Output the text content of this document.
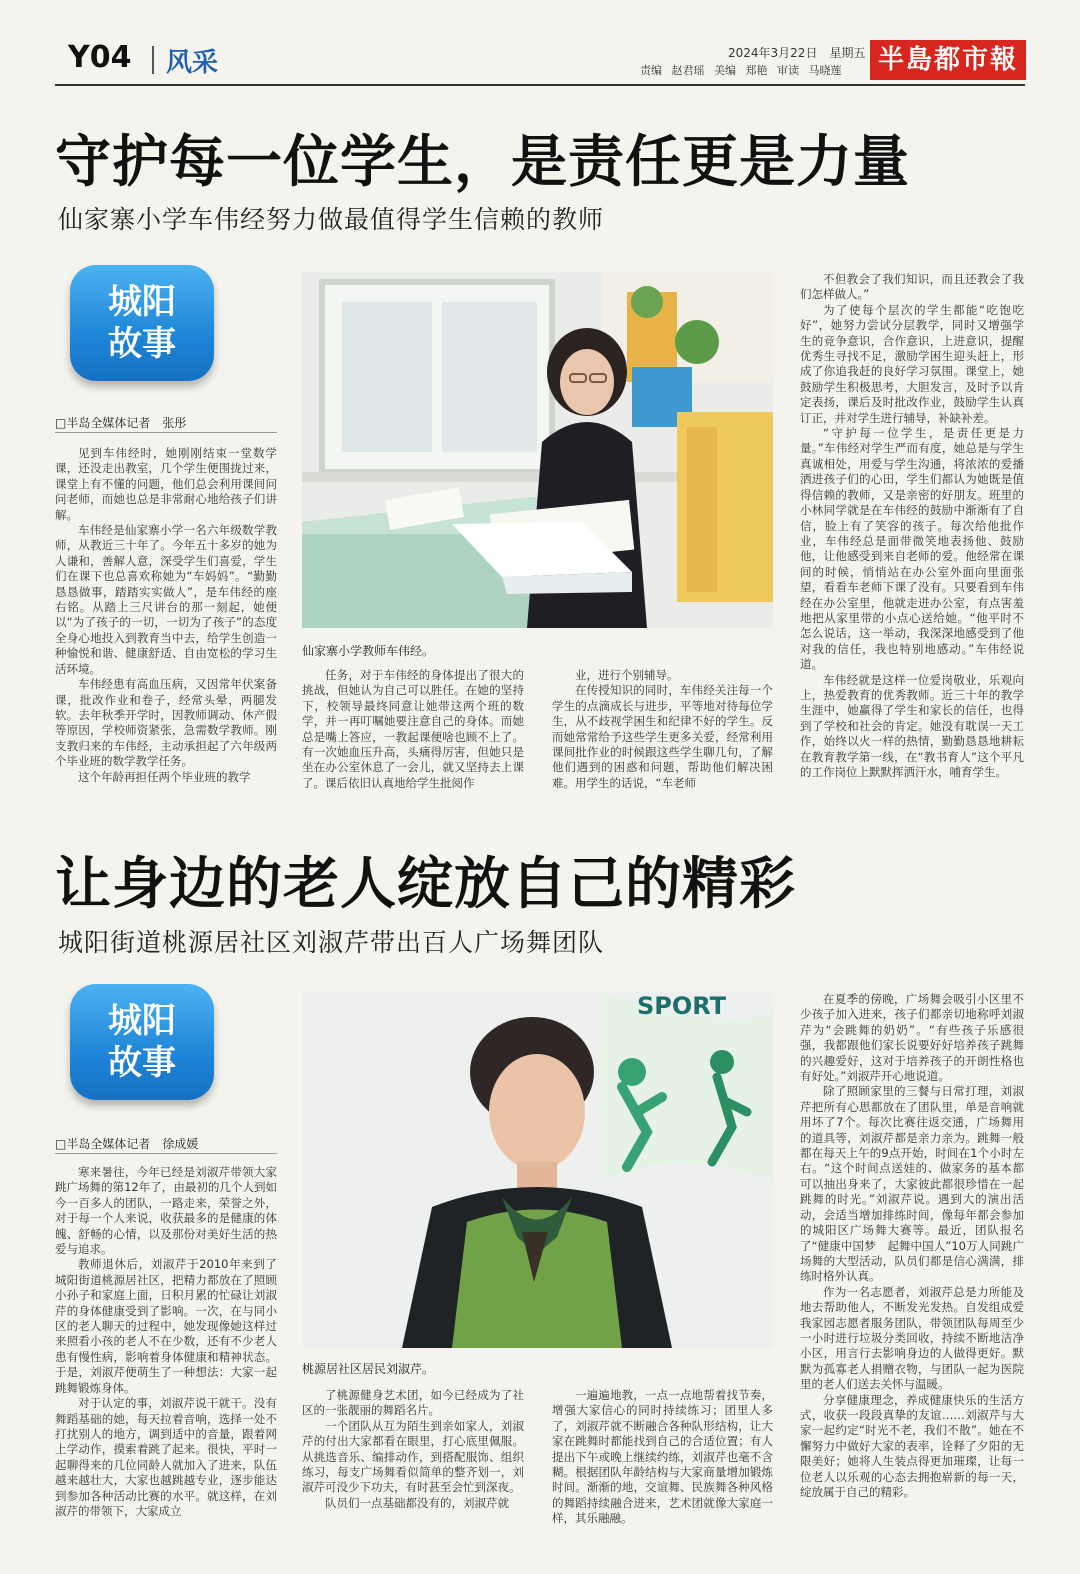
Y04 风采	2024年3月22日　星期五
责编 赵君瑶 美编 郑艳 审读 马晓莲	半島都市報
守护每一位学生，是责任更是力量
仙家寨小学车伟经努力做最值得学生信赖的教师
城阳
故事
□半岛全媒体记者　张彤

见到车伟经时，她刚刚结束一堂数学课，还没走出教室，几个学生便围拢过来，课堂上有不懂的问题，他们总会利用课间问问老师，而她也总是非常耐心地给孩子们讲解。

车伟经是仙家寨小学一名六年级数学教师，从教近三十年了。今年五十多岁的她为人谦和，善解人意，深受学生们喜爱，学生们在课下也总喜欢称她为“车妈妈”。“勤勤恳恳做事，踏踏实实做人”，是车伟经的座右铭。从踏上三尺讲台的那一刻起，她便以“为了孩子的一切，一切为了孩子”的态度全身心地投入到教育当中去，给学生创造一种愉悦和谐、健康舒适、自由宽松的学习生活环境。

车伟经患有高血压病，又因常年伏案备课，批改作业和卷子，经常头晕，两腿发软。去年秋季开学时，因教师调动、休产假等原因，学校师资紧张，急需数学教师。刚支教归来的车伟经，主动承担起了六年级两个毕业班的数学教学任务。

这个年龄再担任两个毕业班的教学

仙家寨小学教师车伟经。

任务，对于车伟经的身体提出了很大的挑战，但她认为自己可以胜任。在她的坚持下，校领导最终同意让她带这两个班的数学，并一再叮嘱她要注意自己的身体。而她总是嘴上答应，一教起课便啥也顾不上了。有一次她血压升高，头痛得厉害，但她只是坐在办公室休息了一会儿，就又坚持去上课了。课后依旧认真地给学生批阅作

业，进行个别辅导。

在传授知识的同时，车伟经关注每一个学生的点滴成长与进步，平等地对待每位学生，从不歧视学困生和纪律不好的学生。反而她常常给予这些学生更多关爱，经常利用课间批作业的时候跟这些学生聊几句，了解他们遇到的困惑和问题，帮助他们解决困难。用学生的话说，“车老师

不但教会了我们知识，而且还教会了我们怎样做人。”

为了使每个层次的学生都能“吃饱吃好”，她努力尝试分层教学，同时又增强学生的竞争意识，合作意识，上进意识，提醒优秀生寻找不足，激励学困生迎头赶上，形成了你追我赶的良好学习氛围。课堂上，她鼓励学生积极思考，大胆发言，及时予以肯定表扬，课后及时批改作业，鼓励学生认真订正，并对学生进行辅导，补缺补差。

“守护每一位学生，是责任更是力量。”车伟经对学生严而有度，她总是与学生真诚相处，用爱与学生沟通，将浓浓的爱播洒进孩子们的心田，学生们都认为她既是值得信赖的教师，又是亲密的好朋友。班里的小林同学就是在车伟经的鼓励中渐渐有了自信，脸上有了笑容的孩子。每次给他批作业，车伟经总是面带微笑地表扬他、鼓励他，让他感受到来自老师的爱。他经常在课间的时候，悄悄站在办公室外面向里面张望，看看车老师下课了没有。只要看到车伟经在办公室里，他就走进办公室，有点害羞地把从家里带的小点心送给她。“他平时不怎么说话，这一举动，我深深地感受到了他对我的信任，我也特别地感动。”车伟经说道。

车伟经就是这样一位爱岗敬业，乐观向上，热爱教育的优秀教师。近三十年的教学生涯中，她赢得了学生和家长的信任，也得到了学校和社会的肯定。她没有耽误一天工作，始终以火一样的热情，勤勤恳恳地耕耘在教育教学第一线，在“教书育人”这个平凡的工作岗位上默默挥洒汗水，哺育学生。

让身边的老人绽放自己的精彩
城阳街道桃源居社区刘淑芹带出百人广场舞团队
城阳
故事
□半岛全媒体记者　徐成媛

寒来暑往，今年已经是刘淑芹带领大家跳广场舞的第12年了，由最初的几个人到如今一百多人的团队，一路走来，荣誉之外，对于每一个人来说，收获最多的是健康的体魄、舒畅的心情，以及那份对美好生活的热爱与追求。

教师退休后，刘淑芹于2010年来到了城阳街道桃源居社区，把精力都放在了照顾小孙子和家庭上面，日积月累的忙碌让刘淑芹的身体健康受到了影响。一次，在与同小区的老人聊天的过程中，她发现像她这样过来照看小孩的老人不在少数，还有不少老人患有慢性病，影响着身体健康和精神状态。于是，刘淑芹便萌生了一种想法：大家一起跳舞锻炼身体。

对于认定的事，刘淑芹说干就干。没有舞蹈基础的她，每天拉着音响，选择一处不打扰别人的地方，调到适中的音量，跟着网上学动作，摸索着跳了起来。很快，平时一起聊得来的几位同龄人就加入了进来，队伍越来越壮大，大家也越跳越专业，逐步能达到参加各种活动比赛的水平。就这样，在刘淑芹的带领下，大家成立

SPORT
桃源居社区居民刘淑芹。

了桃源健身艺术团，如今已经成为了社区的一张靓丽的舞蹈名片。

一个团队从互为陌生到亲如家人，刘淑芹的付出大家都看在眼里，打心底里佩服。从挑选音乐、编排动作，到搭配服饰、组织练习，每支广场舞看似简单的整齐划一，刘淑芹可没少下功夫，有时甚至会忙到深夜。

队员们一点基础都没有的，刘淑芹就

一遍遍地教，一点一点地帮着找节奏，增强大家信心的同时持续练习；团里人多了，刘淑芹就不断融合各种队形结构，让大家在跳舞时都能找到自己的合适位置；有人提出下午或晚上继续约练，刘淑芹也毫不含糊。根据团队年龄结构与大家商量增加锻炼时间。渐渐的地，交谊舞、民族舞各种风格的舞蹈持续融合进来，艺术团就像大家庭一样，其乐融融。

在夏季的傍晚，广场舞会吸引小区里不少孩子加入进来，孩子们都亲切地称呼刘淑芹为“会跳舞的奶奶”。“有些孩子乐感很强，我都跟他们家长说要好好培养孩子跳舞的兴趣爱好，这对于培养孩子的开朗性格也有好处。”刘淑芹开心地说道。

除了照顾家里的三餐与日常打理，刘淑芹把所有心思都放在了团队里，单是音响就用坏了7个。每次比赛往返交通，广场舞用的道具等，刘淑芹都是亲力亲为。跳舞一般都在每天上午的9点开始，时间在1个小时左右。“这个时间点送娃的、做家务的基本都可以抽出身来了，大家彼此都很珍惜在一起跳舞的时光。”刘淑芹说。遇到大的演出活动，会适当增加排练时间，像每年都会参加的城阳区广场舞大赛等。最近，团队报名了“健康中国梦　起舞中国人”10万人同跳广场舞的大型活动，队员们都是信心满满，排练时格外认真。

作为一名志愿者，刘淑芹总是力所能及地去帮助他人，不断发光发热。自发组成爱我家园志愿者服务团队，带领团队每周至少一小时进行垃圾分类回收，持续不断地洁净小区，用言行去影响身边的人做得更好。默默为孤寡老人捐赠衣物，与团队一起为医院里的老人们送去关怀与温暖。

分享健康理念，养成健康快乐的生活方式，收获一段段真挚的友谊……刘淑芹与大家一起约定“时光不老，我们不散”。她在不懈努力中做好大家的表率，诠释了夕阳的无限美好；她将人生装点得更加璀璨，让每一位老人以乐观的心态去拥抱崭新的每一天，绽放属于自己的精彩。
